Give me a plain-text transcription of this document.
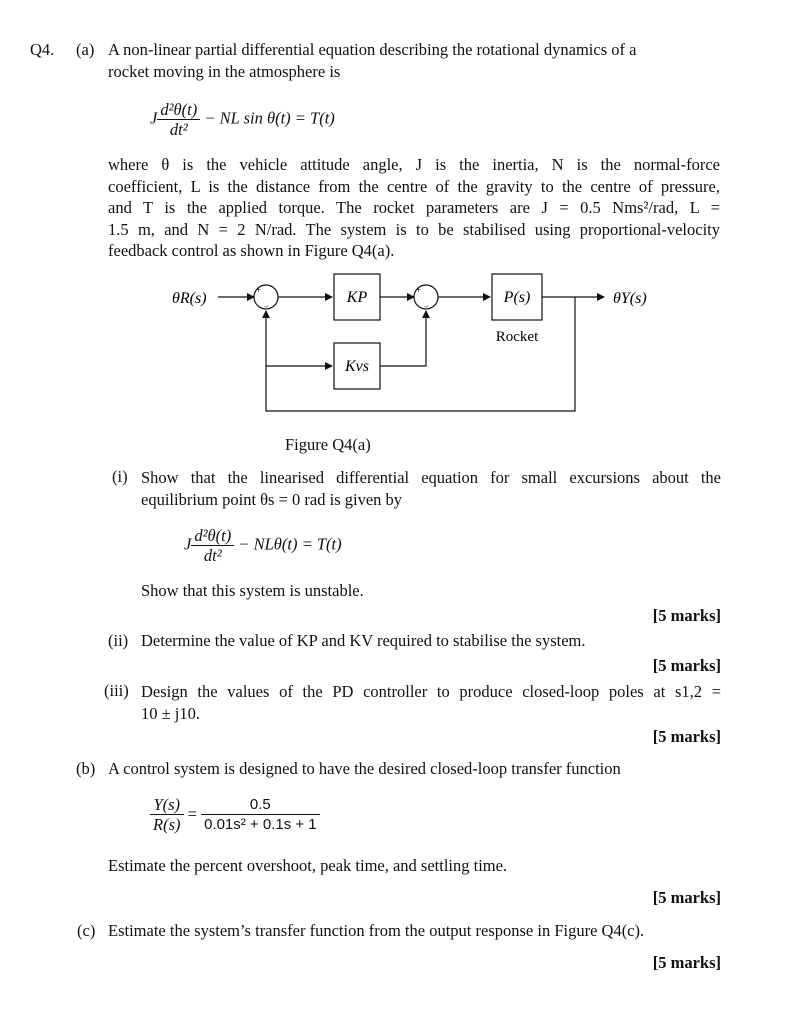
Q4. (a) A non-linear partial differential equation describing the rotational dynamics of a
rocket moving in the atmosphere is
J $\frac{\text{d²θ(t)}}{\text{dt²}}$ − NL sin θ(t) = T(t)
where θ is the vehicle attitude angle, J is the inertia, N is the normal-force
coefficient, L is the distance from the centre of the gravity to the centre of pressure,
and T is the applied torque. The rocket parameters are J = 0.5 Nms²/rad, L =
1.5 m, and N = 2 N/rad. The system is to be stabilised using proportional-velocity
feedback control as shown in Figure Q4(a).
θR(s)	+
−	KP	+
−	P(s)
Rocket
θY(s)
Kvs
Figure Q4(a)
(i) Show that the linearised differential equation for small excursions about the
equilibrium point θs = 0 rad is given by
J $\frac{\text{d²θ(t)}}{\text{dt²}} - NL\theta(t) = T(t)$
Show that this system is unstable.
[5 marks]
(ii) Determine the value of KP and KV required to stabilise the system.
[5 marks]
(iii) Design the values of the PD controller to produce closed-loop poles at s1,2 =
10 ± j10.
[5 marks]
(b) A control system is designed to have the desired closed-loop transfer function
$\frac{Y(s)}{R(s)} = \frac{0.5}{\text{0.01s² + 0.1s + 1}}$
Estimate the percent overshoot, peak time, and settling time.
[5 marks]
(c) Estimate the system’s transfer function from the output response in Figure Q4(c).
[5 marks]
